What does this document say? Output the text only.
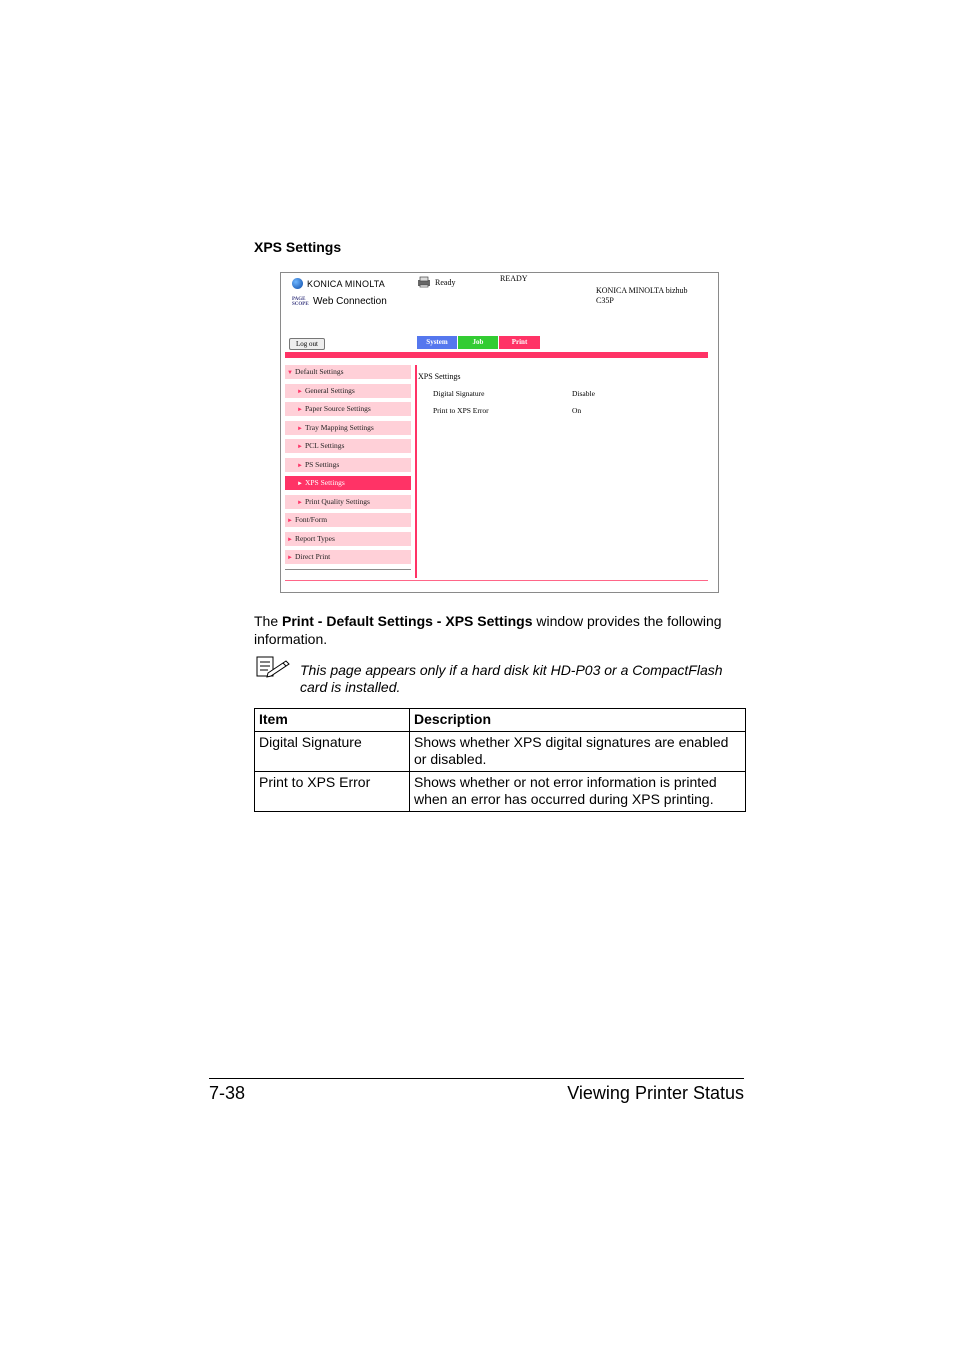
XPS Settings
KONICA MINOLTA
PAGE
SCOPE Web Connection
Ready	READY
KONICA MINOLTA bizhub
C35P
Log out	System	Job	Print
▼ Default Settings
► General Settings
► Paper Source Settings
► Tray Mapping Settings
► PCL Settings
► PS Settings
► XPS Settings
► Print Quality Settings
► Font/Form
► Report Types
► Direct Print
XPS Settings
Digital Signature	Disable
Print to XPS Error	On
The Print - Default Settings - XPS Settings window provides the following information.
This page appears only if a hard disk kit HD-P03 or a CompactFlash card is installed.
Item	Description
Digital Signature	Shows whether XPS digital signatures are enabled or disabled.
Print to XPS Error	Shows whether or not error information is printed when an error has occurred during XPS printing.
7-38	Viewing Printer Status
